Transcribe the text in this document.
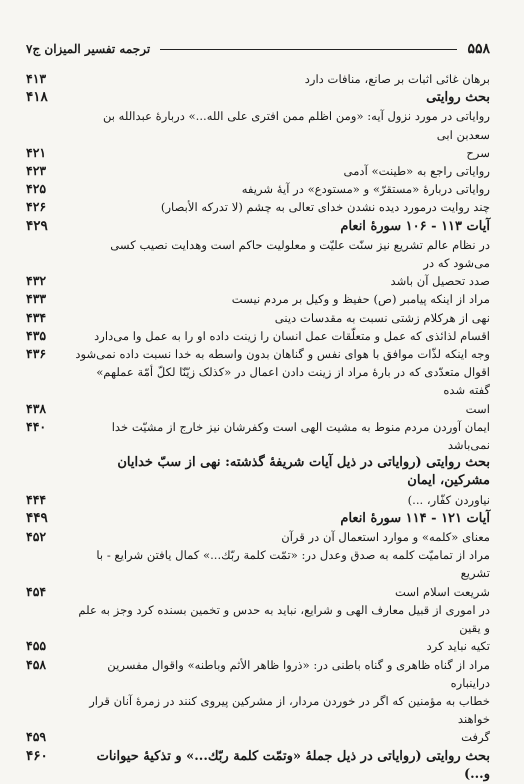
۵۵۸
ترجمه تفسیر المیزان ج۷
برهان غائی اثبات بر صانع، منافات دارد
۴۱۳
بحث روایتی
۴۱۸
روایاتی در مورد نزول آیه: «ومن اظلم ممن افتری علی الله...» دربارهٔ عبدالله بن سعدبن ابی
سرح
۴۲۱
روایاتی راجع به «طینت» آدمی
۴۲۳
روایاتی دربارهٔ «مستقرّ» و «مستودع» در آیهٔ شریفه
۴۲۵
چند روایت درمورد دیده نشدن خدای تعالی به چشم (لا تدرکه الأبصار)
۴۲۶
آیات ۱۱۳ - ۱۰۶ سورهٔ انعام
۴۲۹
در نظام عالم تشریع نیز سنّت علیّت و معلولیت حاکم است وهدایت نصیب کسی می‌شود که در
صدد تحصیل آن باشد
۴۳۲
مراد از اینکه پیامبر (ص) حفیظ و وکیل بر مردم نیست
۴۳۳
نهی از هرکلام زشتی نسبت به مقدسات دینی
۴۳۴
اقسام لذائذی که عمل و متعلّقات عمل انسان را زینت داده او را به عمل وا می‌دارد
۴۳۵
وجه اینکه لذّات موافق با هوای نفس و گناهان بدون واسطه به خدا نسبت داده نمی‌شود
۴۳۶
اقوال متعدّدی که در بارهٔ مراد از زینت دادن اعمال در «کذلک زیّنّا لکلّ أمّة عملهم» گفته شده
است
۴۳۸
ایمان آوردن مردم منوط به مشیت الهی است وکفرشان نیز خارج از مشیّت خدا نمی‌باشد
۴۴۰
بحث روایتی (روایاتی در ذیل آیات شریفهٔ گذشته: نهی از سبّ خدایان مشرکین، ایمان
نیاوردن کفّار، ...)
۴۴۴
آیات ۱۲۱ - ۱۱۴ سورهٔ انعام
۴۴۹
معنای «کلمه» و موارد استعمال آن در قرآن
۴۵۲
مراد از تمامیّت کلمه به صدق وعدل در: «تمّت کلمة ربّك...» کمال یافتن شرایع - با تشریع
شریعت اسلام است
۴۵۴
در اموری از قبیل معارف الهی و شرایع، نباید به حدس و تخمین بسنده کرد وجز به علم و یقین
تکیه نباید کرد
۴۵۵
مراد از گناه ظاهری و گناه باطنی در: «ذروا ظاهر الأثم وباطنه» واقوال مفسرین دراینباره
۴۵۸
خطاب به مؤمنین که اگر در خوردن مردار، از مشرکین پیروی کنند در زمرهٔ آنان قرار خواهند
گرفت
۴۵۹
بحث روایتی (روایاتی در ذیل جملهٔ «وتمّت کلمة ربّك...» و تذکیهٔ حیوانات و...)
۴۶۰
